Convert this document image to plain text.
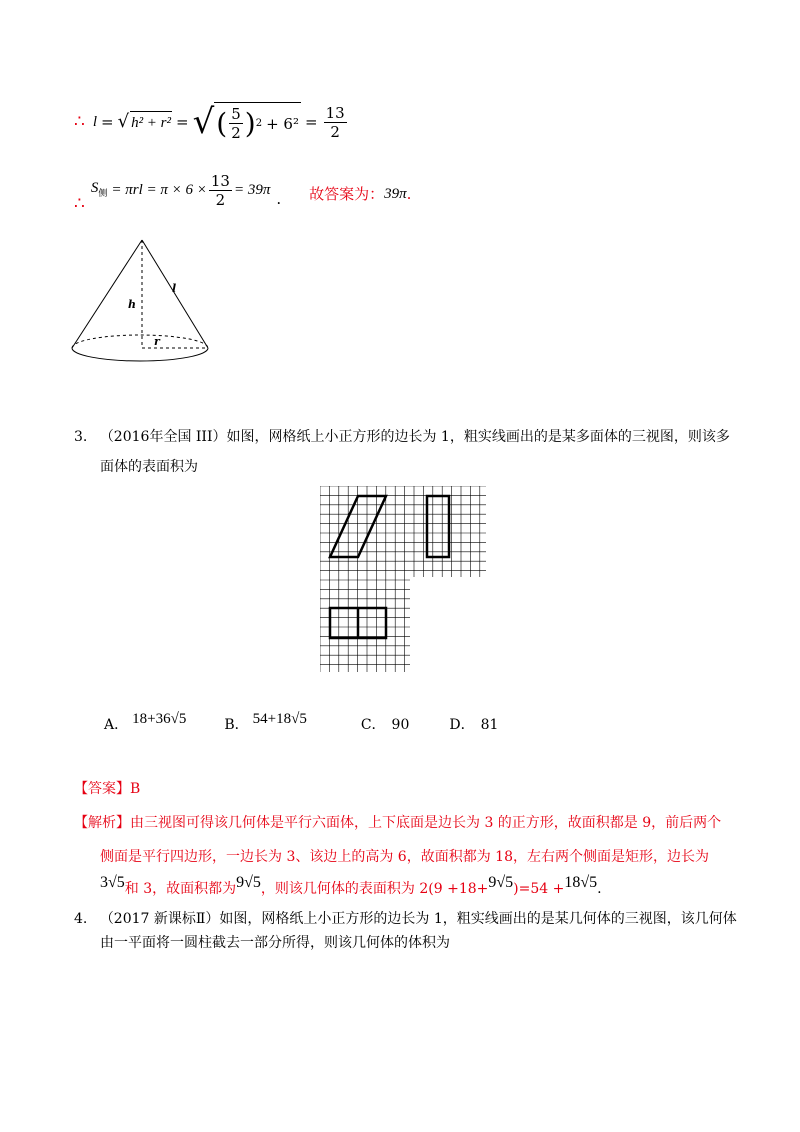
∴ l = √ h² + r² = √ ( $\frac{5}{2}$ ) $2 + 6^2 = \frac{13}{2}$
∴
$S_侧 = \pi rl = \pi \times 6 \times \frac{13}{2} = 39\pi$ . 故答案为： 39π .
h
l
r
3. （2016年全国 III）如图，网格纸上小正方形的边长为 1，粗实线画出的是某多面体的三视图，则该多
面体的表面积为
A． 18+36√5	B． 54+18√5	C． 90	D． 81
【答案】B
【解析】由三视图可得该几何体是平行六面体，上下底面是边长为 3 的正方形，故面积都是 9，前后两个
侧面是平行四边形，一边长为 3、该边上的高为 6，故面积都为 18，左右两个侧面是矩形，边长为
3√5 和 3，故面积都为 9√5 ，则该几何体的表面积为 2(9 +18+ 9√5 )=54 + 18√5 .
4. （2017 新课标Ⅱ）如图，网格纸上小正方形的边长为 1，粗实线画出的是某几何体的三视图，该几何体
由一平面将一圆柱截去一部分所得，则该几何体的体积为
